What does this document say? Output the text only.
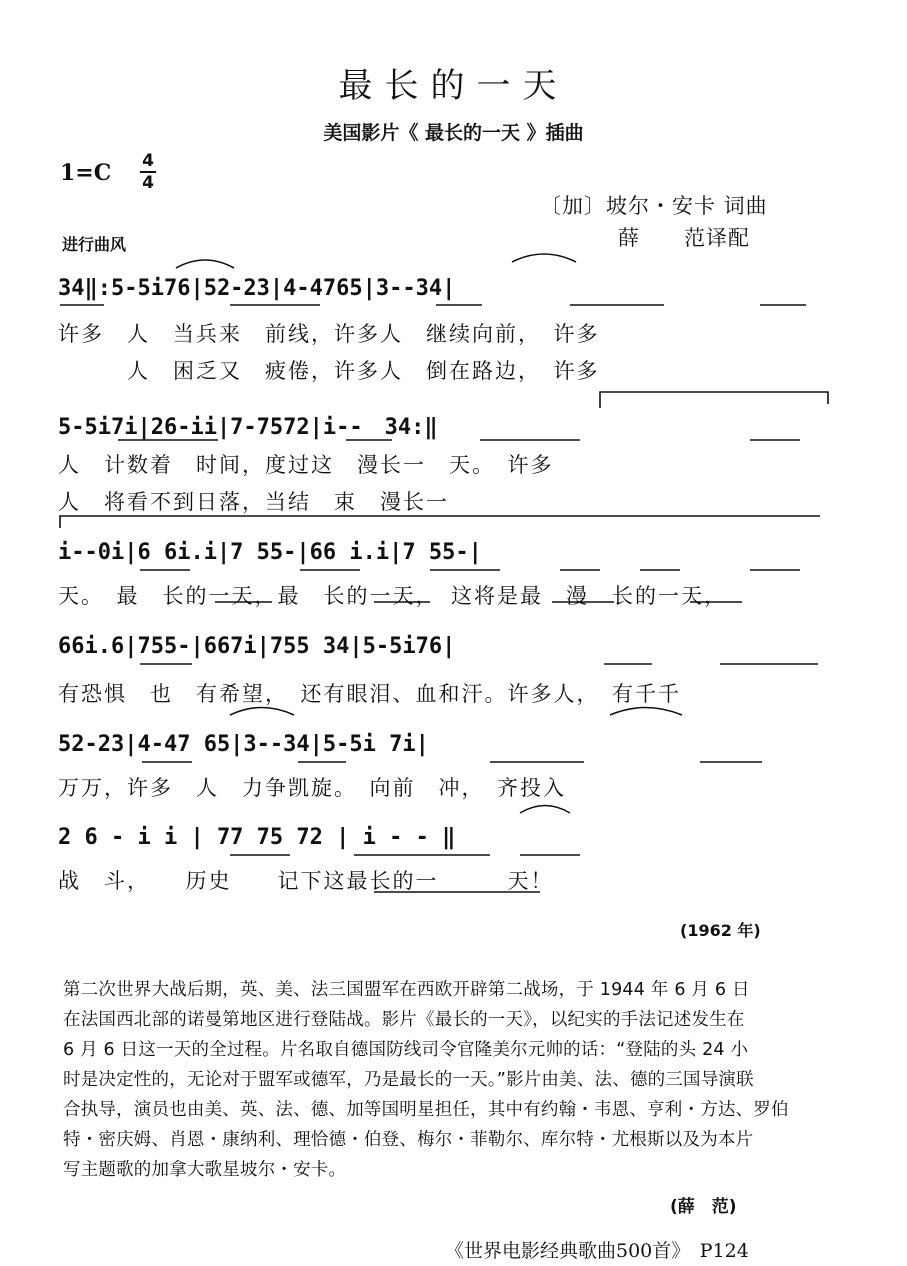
最长的一天
美国影片《 最长的一天 》插曲
$1=C \frac{4}{4}$
〔加〕坡尔・安卡 词曲
薛　　范译配
进行曲风
34‖:5-5i76|52-23|4-4765|3--34|
许多　人　当兵来　前线，许多人　继续向前，　许多
　　　人　困乏又　疲倦，许多人　倒在路边，　许多
5-5i7i|26-ii|7-7572|i--　34:‖
人　计数着　时间，度过这　漫长一　天。　许多
人　将看不到日落，当结　束　漫长一
i--0i|6 6i.i|7 55-|66 i.i|7 55-|
天。　最　长的一天，最　长的一天，　这将是最　漫　长的一天，
66i.6|755-|667i|755 34|5-5i76|
有恐惧　也　有希望，　还有眼泪、血和汗。许多人，　有千千
52-23|4-47 65|3--34|5-5i 7i|
万万，许多　人　力争凯旋。　向前　冲，　齐投入
2 6 - i i | 77 75 72 | i - - ‖
战　斗，　　历史　　记下这最长的一　　　天！
(1962 年)

第二次世界大战后期，英、美、法三国盟军在西欧开辟第二战场，于 1944 年 6 月 6 日

在法国西北部的诺曼第地区进行登陆战。影片《最长的一天》，以纪实的手法记述发生在

6 月 6 日这一天的全过程。片名取自德国防线司令官隆美尔元帅的话：“登陆的头 24 小

时是决定性的，无论对于盟军或德军，乃是最长的一天。”影片由美、法、德的三国导演联

合执导，演员也由美、英、法、德、加等国明星担任，其中有约翰・韦恩、亨利・方达、罗伯

特・密庆姆、肖恩・康纳利、理恰德・伯登、梅尔・菲勒尔、库尔特・尤根斯以及为本片

写主题歌的加拿大歌星坡尔・安卡。

(薛　范)
《世界电影经典歌曲500首》　P124
